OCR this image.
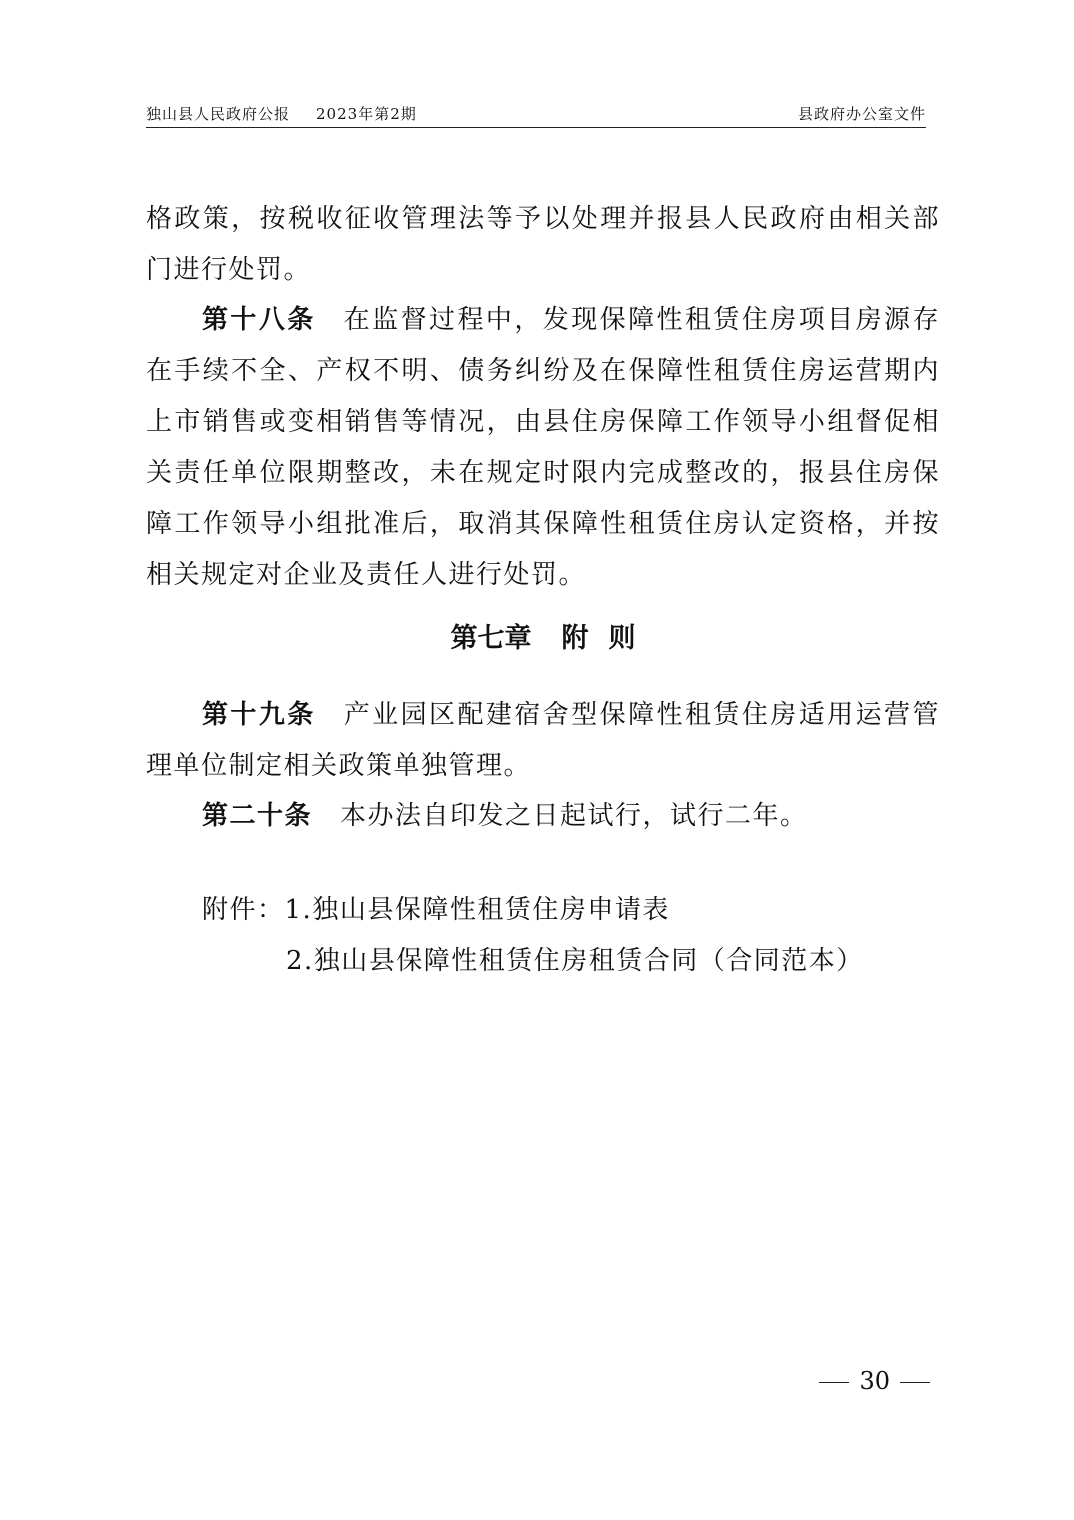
独山县人民政府公报 2023年第2期	县政府办公室文件
格政策，按税收征收管理法等予以处理并报县人民政府由相关部门进行处罚。
第十八条 在监督过程中，发现保障性租赁住房项目房源存在手续不全、产权不明、债务纠纷及在保障性租赁住房运营期内上市销售或变相销售等情况，由县住房保障工作领导小组督促相关责任单位限期整改，未在规定时限内完成整改的，报县住房保障工作领导小组批准后，取消其保障性租赁住房认定资格，并按相关规定对企业及责任人进行处罚。
第七章 附 则
第十九条 产业园区配建宿舍型保障性租赁住房适用运营管理单位制定相关政策单独管理。
第二十条 本办法自印发之日起试行，试行二年。
附件：1.独山县保障性租赁住房申请表
2.独山县保障性租赁住房租赁合同（合同范本）
30
